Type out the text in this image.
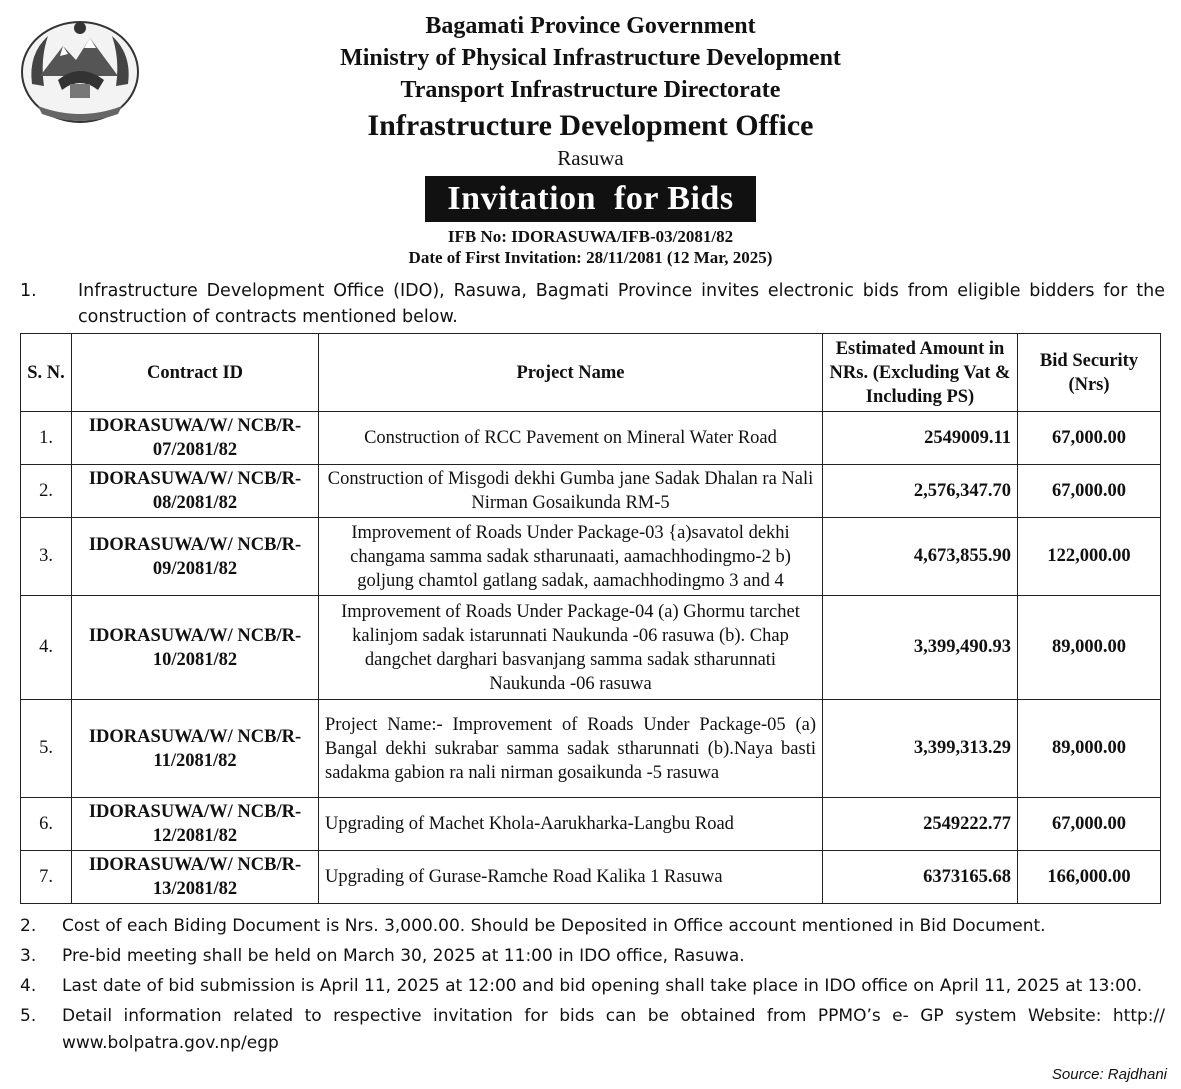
Bagamati Province Government
Ministry of Physical Infrastructure Development
Transport Infrastructure Directorate
Infrastructure Development Office
Rasuwa
Invitation  for Bids
IFB No: IDORASUWA/IFB-03/2081/82
Date of First Invitation: 28/11/2081 (12 Mar, 2025)
1.	Infrastructure Development Office (IDO), Rasuwa, Bagmati Province invites electronic bids from eligible bidders for the construction of contracts mentioned below.
S. N.	Contract ID	Project Name	Estimated Amount in NRs. (Excluding Vat & Including PS)	Bid Security (Nrs)
1.	IDORASUWA/W/ NCB/R-07/2081/82	Construction of RCC Pavement on Mineral Water Road	2549009.11	67,000.00
2.	IDORASUWA/W/ NCB/R-08/2081/82	Construction of Misgodi dekhi Gumba jane Sadak Dhalan ra Nali Nirman Gosaikunda RM-5	2,576,347.70	67,000.00
3.	IDORASUWA/W/ NCB/R-09/2081/82	Improvement of Roads Under Package-03 {a)savatol dekhi changama samma sadak stharunaati, aamachhodingmo-2 b) goljung chamtol gatlang sadak, aamachhodingmo 3 and 4	4,673,855.90	122,000.00
4.	IDORASUWA/W/ NCB/R-10/2081/82	Improvement of Roads Under Package-04 (a) Ghormu tarchet kalinjom sadak istarunnati Naukunda -06 rasuwa (b). Chap dangchet darghari basvanjang samma sadak stharunnati Naukunda -06 rasuwa	3,399,490.93	89,000.00
5.	IDORASUWA/W/ NCB/R-11/2081/82	Project Name:- Improvement of Roads Under Package-05 (a) Bangal dekhi sukrabar samma sadak stharunnati (b).Naya basti sadakma gabion ra nali nirman gosaikunda -5 rasuwa	3,399,313.29	89,000.00
6.	IDORASUWA/W/ NCB/R-12/2081/82	Upgrading of Machet Khola-Aarukharka-Langbu Road	2549222.77	67,000.00
7.	IDORASUWA/W/ NCB/R-13/2081/82	Upgrading of Gurase-Ramche Road Kalika 1 Rasuwa	6373165.68	166,000.00
2.	Cost of each Biding Document is Nrs. 3,000.00. Should be Deposited in Office account mentioned in Bid Document.
3.	Pre-bid meeting shall be held on March 30, 2025 at 11:00 in IDO office, Rasuwa.
4.	Last date of bid submission is April 11, 2025 at 12:00 and bid opening shall take place in IDO office on April 11, 2025 at 13:00.
5.	Detail information related to respective invitation for bids can be obtained from PPMO’s e- GP system Website: http:// www.bolpatra.gov.np/egp
Source: Rajdhani
